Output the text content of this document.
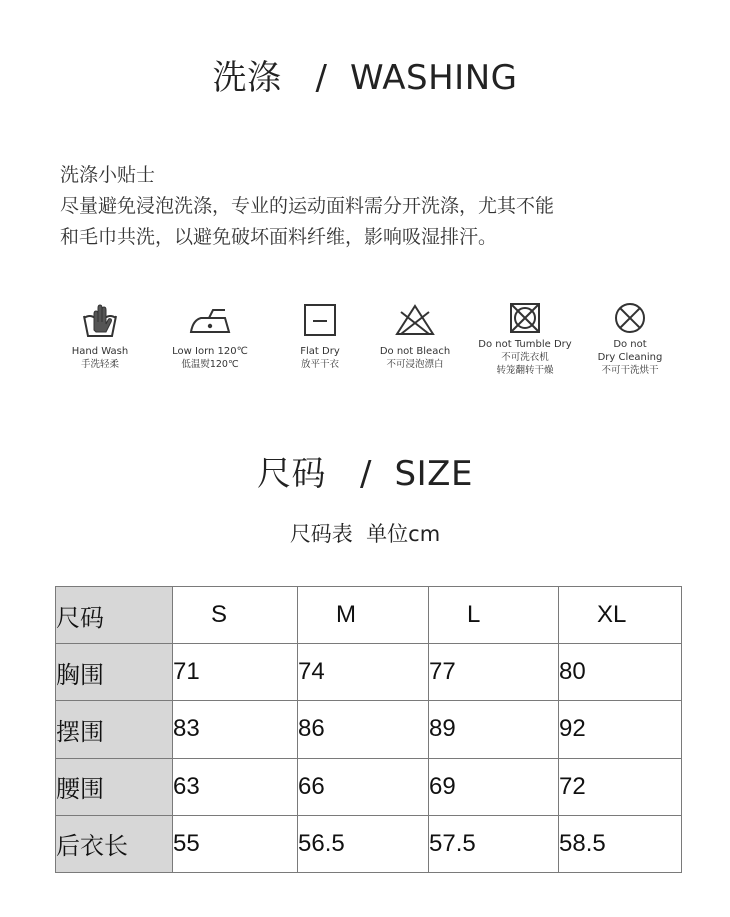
洗涤   /  WASHING
洗涤小贴士
尽量避免浸泡洗涤，专业的运动面料需分开洗涤，尤其不能
和毛巾共洗，以避免破坏面料纤维，影响吸湿排汗。
Hand Wash
手洗轻柔
Low Iorn 120℃
低温熨120℃
Flat Dry
放平干衣
Do not Bleach
不可浸泡漂白
Do not Tumble Dry
不可洗衣机
转笼翻转干燥
Do not
Dry Cleaning
不可干洗烘干
尺码   /  SIZE
尺码表  单位cm
尺码	S	M	L	XL
胸围	71	74	77	80
摆围	83	86	89	92
腰围	63	66	69	72
后衣长	55	56.5	57.5	58.5
